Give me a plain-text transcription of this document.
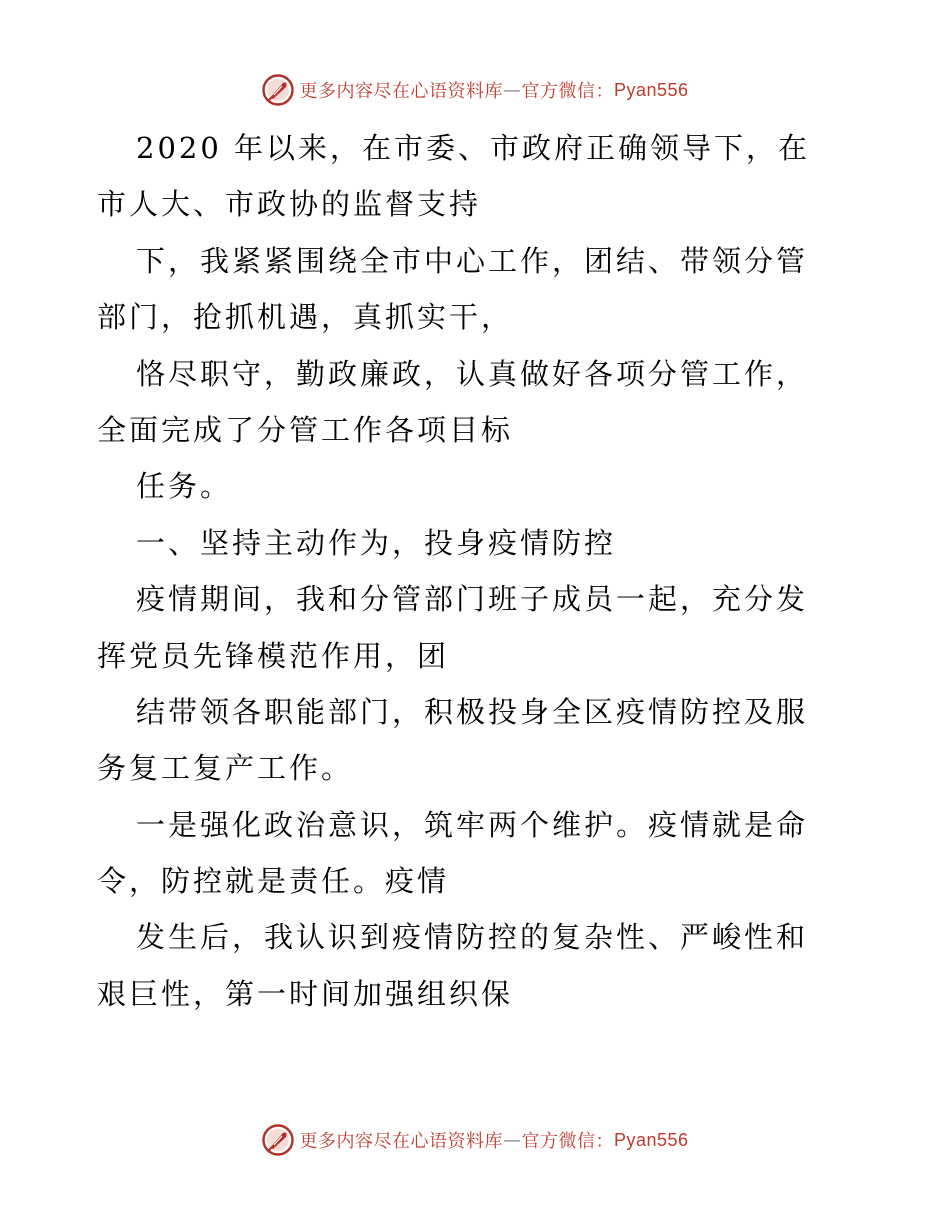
更多内容尽在心语资料库 — 官方微信 ： Pyan556
2020 年以来，在市委、市政府正确领导下，在
市人大、市政协的监督支持
下，我紧紧围绕全市中心工作，团结、带领分管
部门，抢抓机遇，真抓实干，
恪尽职守，勤政廉政，认真做好各项分管工作，
全面完成了分管工作各项目标
任务。
一、坚持主动作为，投身疫情防控
疫情期间，我和分管部门班子成员一起，充分发
挥党员先锋模范作用，团
结带领各职能部门，积极投身全区疫情防控及服
务复工复产工作。
一是强化政治意识，筑牢两个维护。疫情就是命
令，防控就是责任。疫情
发生后，我认识到疫情防控的复杂性、严峻性和
艰巨性，第一时间加强组织保
更多内容尽在心语资料库 — 官方微信 ： Pyan556
